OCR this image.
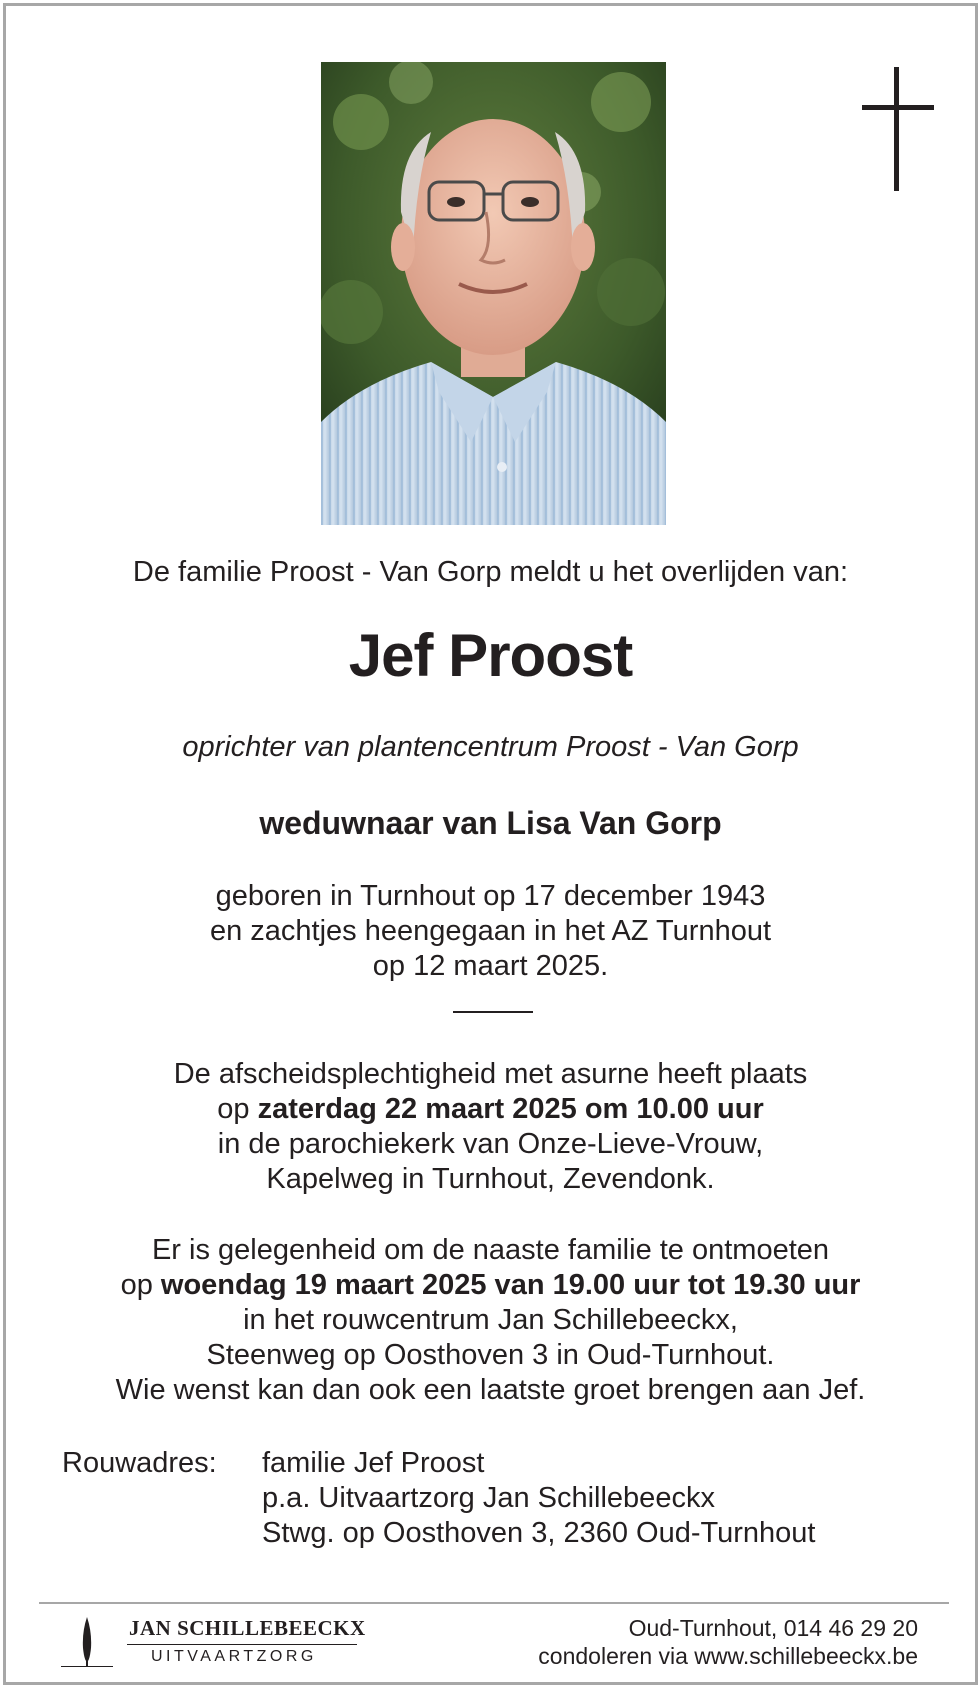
De familie Proost - Van Gorp meldt u het overlijden van:
Jef Proost
oprichter van plantencentrum Proost - Van Gorp
weduwnaar van Lisa Van Gorp
geboren in Turnhout op 17 december 1943
en zachtjes heengegaan in het AZ Turnhout
op 12 maart 2025.
De afscheidsplechtigheid met asurne heeft plaats
op zaterdag 22 maart 2025 om 10.00 uur
in de parochiekerk van Onze-Lieve-Vrouw,
Kapelweg in Turnhout, Zevendonk.
Er is gelegenheid om de naaste familie te ontmoeten
op woendag 19 maart 2025 van 19.00 uur tot 19.30 uur
in het rouwcentrum Jan Schillebeeckx,
Steenweg op Oosthoven 3 in Oud-Turnhout.
Wie wenst kan dan ook een laatste groet brengen aan Jef.
Rouwadres: familie Jef Proost
p.a. Uitvaartzorg Jan Schillebeeckx
Stwg. op Oosthoven 3, 2360 Oud-Turnhout
JAN SCHILLEBEECKX
UITVAARTZORG
Oud-Turnhout, 014 46 29 20
condoleren via www.schillebeeckx.be
